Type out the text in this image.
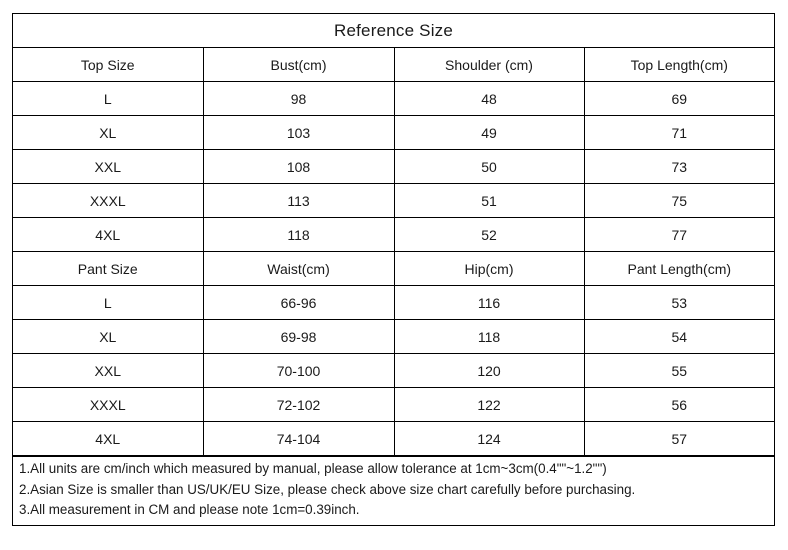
Reference Size			
Top Size	Bust(cm)	Shoulder (cm)	Top Length(cm)
L	98	48	69
XL	103	49	71
XXL	108	50	73
XXXL	113	51	75
4XL	118	52	77
Pant Size	Waist(cm)	Hip(cm)	Pant Length(cm)
L	66-96	116	53
XL	69-98	118	54
XXL	70-100	120	55
XXXL	72-102	122	56
4XL	74-104	124	57
1.All units are cm/inch which measured by manual, please allow tolerance at 1cm~3cm(0.4""~1.2"")
2.Asian Size is smaller than US/UK/EU Size, please check above size chart carefully before purchasing.
3.All measurement in CM and please note 1cm=0.39inch.
